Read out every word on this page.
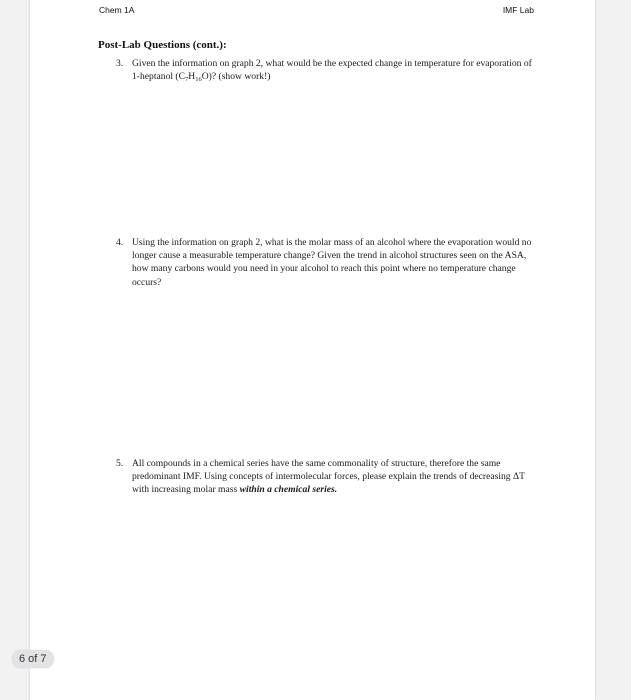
Chem 1A	IMF Lab

Post-Lab Questions (cont.):

3. Given the information on graph 2, what would be the expected change in temperature for evaporation of 1-heptanol $(C_7H_{16}O)$? (show work!)

4. Using the information on graph 2, what is the molar mass of an alcohol where the evaporation would no longer cause a measurable temperature change? Given the trend in alcohol structures seen on the ASA, how many carbons would you need in your alcohol to reach this point where no temperature change occurs?

5. All compounds in a chemical series have the same commonality of structure, therefore the same predominant IMF. Using concepts of intermolecular forces, please explain the trends of decreasing ΔT with increasing molar mass within a chemical series.

6 of 7
